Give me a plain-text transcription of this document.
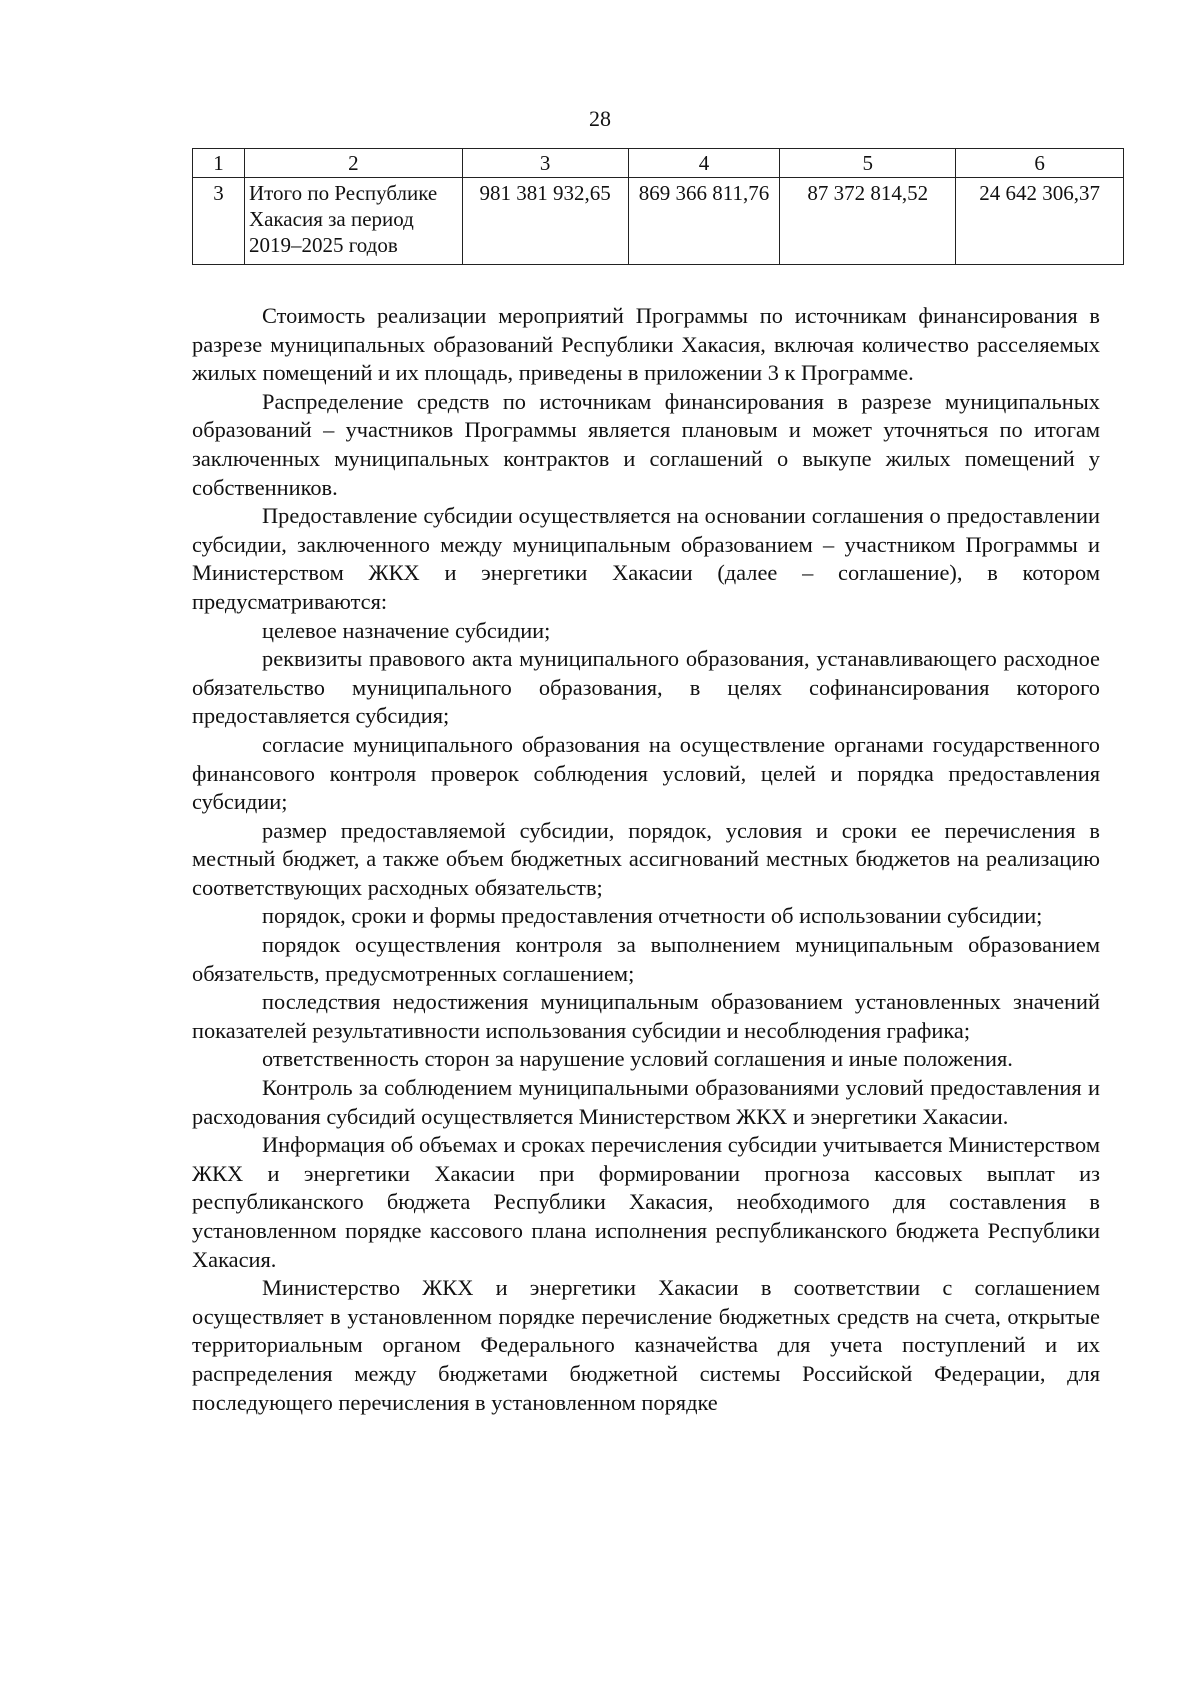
28
1	2	3	4	5	6
3	Итого по Республике Хакасия за период 2019–2025 годов	981 381 932,65	869 366 811,76	87 372 814,52	24 642 306,37

Стоимость реализации мероприятий Программы по источникам финансирования в разрезе муниципальных образований Республики Хакасия, включая количество расселяемых жилых помещений и их площадь, приведены в приложении 3 к Программе.

Распределение средств по источникам финансирования в разрезе муниципальных образований – участников Программы является плановым и может уточняться по итогам заключенных муниципальных контрактов и соглашений о выкупе жилых помещений у собственников.

Предоставление субсидии осуществляется на основании соглашения о предоставлении субсидии, заключенного между муниципальным образованием – участником Программы и Министерством ЖКХ и энергетики Хакасии (далее – соглашение), в котором предусматриваются:

целевое назначение субсидии;

реквизиты правового акта муниципального образования, устанавливающего расходное обязательство муниципального образования, в целях софинансирования которого предоставляется субсидия;

согласие муниципального образования на осуществление органами государственного финансового контроля проверок соблюдения условий, целей и порядка предоставления субсидии;

размер предоставляемой субсидии, порядок, условия и сроки ее перечисления в местный бюджет, а также объем бюджетных ассигнований местных бюджетов на реализацию соответствующих расходных обязательств;

порядок, сроки и формы предоставления отчетности об использовании субсидии;

порядок осуществления контроля за выполнением муниципальным образованием обязательств, предусмотренных соглашением;

последствия недостижения муниципальным образованием установленных значений показателей результативности использования субсидии и несоблюдения графика;

ответственность сторон за нарушение условий соглашения и иные положения.

Контроль за соблюдением муниципальными образованиями условий предоставления и расходования субсидий осуществляется Министерством ЖКХ и энергетики Хакасии.

Информация об объемах и сроках перечисления субсидии учитывается Министерством ЖКХ и энергетики Хакасии при формировании прогноза кассовых выплат из республиканского бюджета Республики Хакасия, необходимого для составления в установленном порядке кассового плана исполнения республиканского бюджета Республики Хакасия.

Министерство ЖКХ и энергетики Хакасии в соответствии с соглашением осуществляет в установленном порядке перечисление бюджетных средств на счета, открытые территориальным органом Федерального казначейства для учета поступлений и их распределения между бюджетами бюджетной системы Российской Федерации, для последующего перечисления в установленном порядке
